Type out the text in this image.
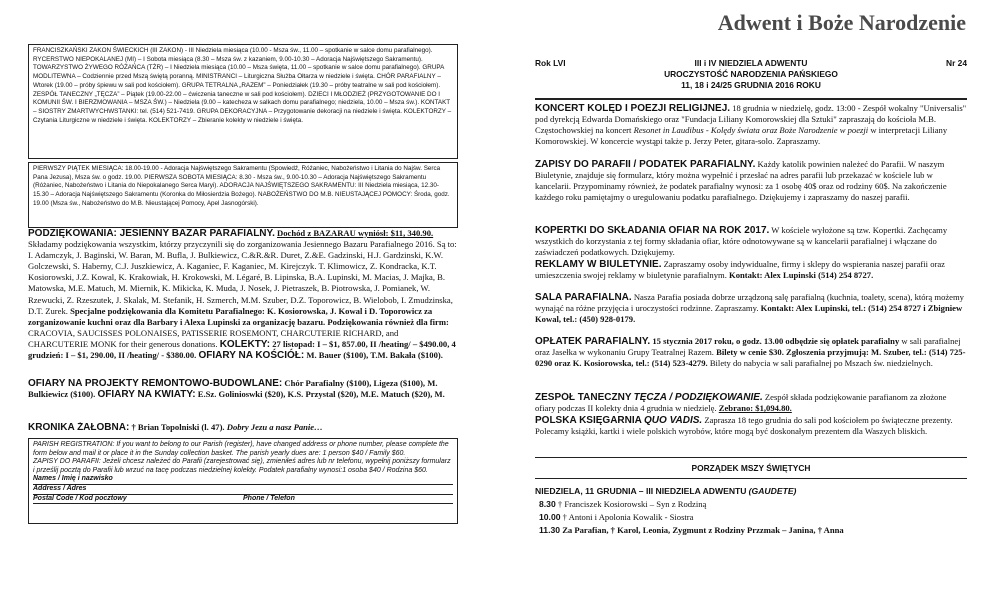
Adwent i Boże Narodzenie
FRANCISZKAŃSKI ZAKON ŚWIECKICH (III ZAKON) - III Niedziela miesiąca (10.00 - Msza św., 11.00 – spotkanie w salce domu parafialnego). RYCERSTWO NIEPOKALANEJ (MI) – I Sobota miesiąca (8.30 – Msza św. z kazaniem, 9.00-10.30 – Adoracja Najświętszego Sakramentu). TOWARZYSTWO ŻYWEGO RÓŻAŃCA (TŻR) – I Niedziela miesiąca (10.00 – Msza święta, 11.00 – spotkanie w salce domu parafialnego). GRUPA MODLITEWNA – Codziennie przed Mszą świętą poranną. MINISTRANCI – Liturgiczna Służba Ołtarza w niedziele i święta. CHÓR PARAFIALNY – Wtorek (19.00 – próby śpiewu w sali pod kościołem). GRUPA TETRALNA „RAZEM” – Poniedziałek (19.30 – próby teatralne w sali pod kościołem). ZESPÓŁ TANECZNY „TĘCZA” – Piątek (19.00-22.00 – ćwiczenia taneczne w sali pod kościołem). DZIECI I MŁODZIEŻ (PRZYGOTOWANIE DO I KOMUNII ŚW. I BIERZMOWANIA – MSZA ŚW.) – Niedziela (9.00 – katecheza w salkach domu parafialnego; niedziela, 10.00 – Msza św.). KONTAKT – SIOSTRY ZMARTWYCHWSTANKI: tel. (514) 521-7419. GRUPA DEKORACYJNA – Przygotowanie dekoracji na niedziele i święta. KOLEKTORZY – Czytania Liturgiczne w niedziele i święta. KOLEKTORZY – Zbieranie kolekty w niedziele i święta.
PIERWSZY PIĄTEK MIESIĄCA: 18.00-19.00 - Adoracja Najświętszego Sakramentu (Spowiedź, Różaniec, Nabożeństwo i Litania do Najśw. Serca Pana Jezusa), Msza św. o godz. 19.00. PIERWSZA SOBOTA MIESIĄCA: 8.30 - Msza św., 9.00-10.30 – Adoracja Najświętszego Sakramentu (Różaniec, Nabożeństwo i Litania do Niepokalanego Serca Maryi). ADORACJA NAJŚWIĘTSZEGO SAKRAMENTU: III Niedziela miesiąca, 12.30-15.30 – Adoracja Najświętszego Sakramentu (Koronka do Miłosierdzia Bożego). NABOŻEŃSTWO DO M.B. NIEUSTAJĄCEJ POMOCY: Środa, godz. 19.00 (Msza św., Nabożeństwo do M.B. Nieustającej Pomocy, Apel Jasnogórski).

PODZIĘKOWANIA: JESIENNY BAZAR PARAFIALNY. Dochód z BAZARAU wyniósł: $11, 340.90. Składamy podziękowania wszystkim, którzy przyczynili się do zorganizowania Jesiennego Bazaru Parafialnego 2016. Są to: I. Adamczyk, J. Baginski, W. Baran, M. Bufla, J. Bulkiewicz, C.&R.&R. Duret, Z.&E. Gadzinski, H.J. Gardzinski, K.W. Golczewski, S. Haberny, C.J. Juszkiewicz, A. Kaganiec, F. Kaganiec, M. Kirejczyk. T. Klimowicz, Z. Kondracka, K.T. Kosiorowski, J.Z. Kowal, K. Krakowiak, H. Krokowski, M. Légaré, B. Lipinska, B.A. Lupinski, M. Macias, J. Majka, B. Matowska, M.E. Matuch, M. Miernik, K. Mikicka, K. Muda, J. Nosek, J. Pietraszek, B. Piotrowska, J. Pomianek, W. Rzewucki, Z. Rzeszutek, J. Skalak, M. Stefanik, H. Szmerch, M.M. Szuber, D.Z. Toporowicz, B. Wielobob, I. Zmudzinska, D.T. Zurek. Specjalne podziękowania dla Komitetu Parafialnego: K. Kosiorowska, J. Kowal i D. Toporowicz za zorganizowanie kuchni oraz dla Barbary i Alexa Lupinski za organizację bazaru. Podziękowania również dla firm: CRACOVIA, SAUCISSES POLONAISES, PATISSERIE ROSEMONT, CHARCUTERIE RICHARD, and CHARCUTERIE MONK for their generous donations. KOLEKTY: 27 listopad: I – $1, 857.00, II /heating/ – $490.00, 4 grudzień: I – $1, 290.00, II /heating/ - $380.00. OFIARY NA KOŚCIÓŁ: M. Bauer ($100), T.M. Bakała ($100).

OFIARY NA PROJEKTY REMONTOWO-BUDOWLANE: Chór Parafialny ($100), Ligeza ($100), M. Bulkiewicz ($100). OFIARY NA KWIATY: E.Sz. Golinioswki ($20), K.S. Przystal ($20), M.E. Matuch ($20), M.

KRONIKA ŻAŁOBNA: † Brian Topolniski (l. 47). Dobry Jezu a nasz Panie…

PARISH REGISTRATION: If you want to belong to our Parish (register), have changed address or phone number, please complete the form below and mail it or place it in the Sunday collection basket. The parish yearly dues are: 1 person $40 / Family $60.
ZAPISY DO PARAFII: Jeżeli chcesz należeć do Parafii (zarejestrować się), zmieniłeś adres lub nr telefonu, wypełnij poniższy formularz i prześlij pocztą do Parafii lub wrzuć na tacę podczas niedzielnej kolekty. Podatek parafialny wynosi:1 osoba $40 / Rodzina $60.
Names / Imię i nazwisko
Address / Adres
Postal Code / Kod pocztowy	Phone / Telefon
Rok LVI	Nr 24
III i IV NIEDZIELA ADWENTU
UROCZYSTOŚĆ NARODZENIA PAŃSKIEGO
11, 18 i 24/25 GRUDNIA 2016 ROKU

KONCERT KOLĘD I POEZJI RELIGIJNEJ. 18 grudnia w niedzielę, godz. 13:00 - Zespół wokalny "Universalis" pod dyrekcją Edwarda Domańskiego oraz "Fundacja Liliany Komorowskiej dla Sztuki" zapraszają do kościoła M.B. Częstochowskiej na koncert Resonet in Laudibus - Kolędy świata oraz Boże Narodzenie w poezji w interpretacji Liliany Komorowskiej. W koncercie wystąpi także p. Jerzy Peter, gitara-solo. Zapraszamy.

ZAPISY DO PARAFII / PODATEK PARAFIALNY. Każdy katolik powinien należeć do Parafii. W naszym Biuletynie, znajduje się formularz, który można wypełnić i przesłać na adres parafii lub przekazać w kościele lub w kancelarii. Przypominamy również, że podatek parafialny wynosi: za 1 osobę 40$ oraz od rodziny 60$. Na zakończenie każdego roku pamiętajmy o uregulowaniu podatku parafialnego. Dziękujemy i zapraszamy do naszej parafii.

KOPERTKI DO SKŁADANIA OFIAR NA ROK 2017. W kościele wyłożone są tzw. Kopertki. Zachęcamy wszystkich do korzystania z tej formy składania ofiar, które odnotowywane są w kancelarii parafialnej i włączane do zaświadczeń podatkowych. Dziękujemy.

REKLAMY W BIULETYNIE. Zapraszamy osoby indywidualne, firmy i sklepy do wspierania naszej parafii oraz umieszczenia swojej reklamy w biuletynie parafialnym. Kontakt: Alex Lupinski (514) 254 8727.

SALA PARAFIALNA. Nasza Parafia posiada dobrze urządzoną salę parafialną (kuchnia, toalety, scena), którą możemy wynająć na różne przyjęcia i uroczystości rodzinne. Zapraszamy. Kontakt: Alex Lupinski, tel.: (514) 254 8727 i Zbigniew Kowal, tel.: (450) 928-0179.

OPŁATEK PARAFIALNY. 15 stycznia 2017 roku, o godz. 13.00 odbędzie się opłatek parafialny w sali parafialnej oraz Jasełka w wykonaniu Grupy Teatralnej Razem. Bilety w cenie $30. Zgłoszenia przyjmują: M. Szuber, tel.: (514) 725-0290 oraz K. Kosiorowska, tel.: (514) 523-4279. Bilety do nabycia w sali parafialnej po Mszach św. niedzielnych.

ZESPÓŁ TANECZNY TĘCZA / PODZIĘKOWANIE. Zespół składa podziękowanie parafianom za złożone ofiary podczas II kolekty dnia 4 grudnia w niedzielę. Zebrano: $1,094.80.

POLSKA KSIĘGARNIA QUO VADIS. Zaprasza 18 tego grudnia do sali pod kościołem po świąteczne prezenty. Polecamy książki, kartki i wiele polskich wyrobów, które mogą być doskonałym prezentem dla Waszych bliskich.

PORZĄDEK MSZY ŚWIĘTYCH
NIEDZIELA, 11 GRUDNIA – III NIEDZIELA ADWENTU (GAUDETE)
8.30 † Franciszek Kosiorowski – Syn z Rodziną
10.00 † Antoni i Apolonia Kowalik - Siostra
11.30 Za Parafian, † Karol, Leonia, Zygmunt z Rodziny Przzmak – Janina, † Anna
